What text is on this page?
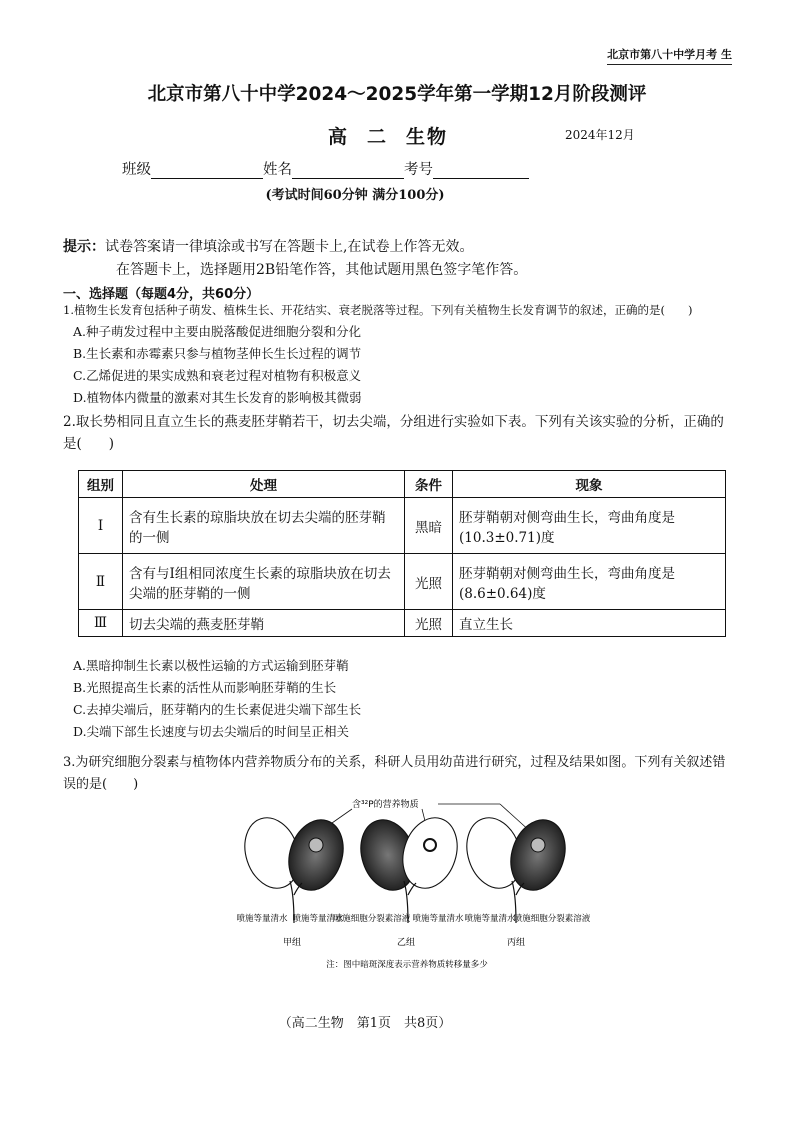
北京市第八十中学月考 生
北京市第八十中学2024～2025学年第一学期12月阶段测评
高 二 生物	2024年12月
班级	姓名	考号
(考试时间60分钟 满分100分)
提示：试卷答案请一律填涂或书写在答题卡上,在试卷上作答无效。
在答题卡上，选择题用2B铅笔作答，其他试题用黑色签字笔作答。
一、选择题（每题4分，共60分）
1.植物生长发育包括种子萌发、植株生长、开花结实、衰老脱落等过程。下列有关植物生长发育调节的叙述，正确的是(　　)
A.种子萌发过程中主要由脱落酸促进细胞分裂和分化
B.生长素和赤霉素只参与植物茎伸长生长过程的调节
C.乙烯促进的果实成熟和衰老过程对植物有积极意义
D.植物体内微量的激素对其生长发育的影响极其微弱
2.取长势相同且直立生长的燕麦胚芽鞘若干，切去尖端，分组进行实验如下表。下列有关该实验的分析，正确的是(　　)
组别	处理	条件	现象
Ⅰ	含有生长素的琼脂块放在切去尖端的胚芽鞘的一侧	黑暗	胚芽鞘朝对侧弯曲生长，弯曲角度是(10.3±0.71)度
Ⅱ	含有与Ⅰ组相同浓度生长素的琼脂块放在切去尖端的胚芽鞘的一侧	光照	胚芽鞘朝对侧弯曲生长，弯曲角度是(8.6±0.64)度
Ⅲ	切去尖端的燕麦胚芽鞘	光照	直立生长
A.黑暗抑制生长素以极性运输的方式运输到胚芽鞘
B.光照提高生长素的活性从而影响胚芽鞘的生长
C.去掉尖端后，胚芽鞘内的生长素促进尖端下部生长
D.尖端下部生长速度与切去尖端后的时间呈正相关
3.为研究细胞分裂素与植物体内营养物质分布的关系，科研人员用幼苗进行研究，过程及结果如图。下列有关叙述错误的是(　　)
含³²P的营养物质
喷施等量清水 喷施等量清水
喷施细胞分裂素溶液 喷施等量清水 喷施等量清水
喷施细胞分裂素溶液
甲组	乙组	丙组
注：图中暗斑深度表示营养物质转移量多少
（高二生物　第1页　共8页）
